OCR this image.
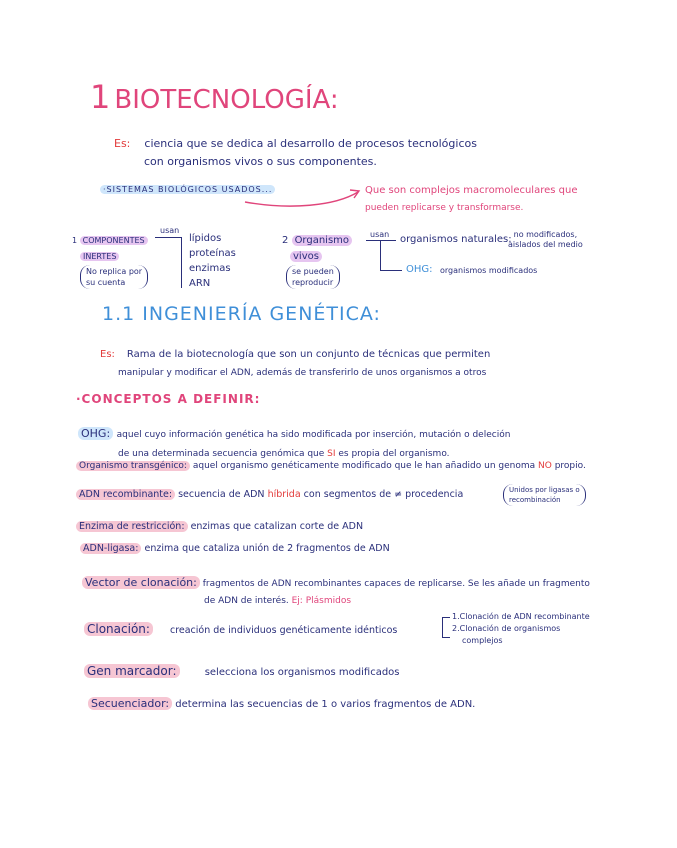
1 BIOTECNOLOGÍA:
Es: ciencia que se dedica al desarrollo de procesos tecnológicos
con organismos vivos o sus componentes.
·SISTEMAS BIOLÓGICOS USADOS...	Que son complejos macromoleculares que
pueden replicarse y transformarse.
1 COMPONENTES
INERTES
No replica por
su cuenta
usan
lípidos
proteínas
enzimas
ARN
2 Organismo
vivos
se pueden
reproducir
usan organismos naturales: no modificados,
aislados del medio
OHG: organismos modificados
1.1 INGENIERÍA GENÉTICA:
Es: Rama de la biotecnología que son un conjunto de técnicas que permiten
manipular y modificar el ADN, además de transferirlo de unos organismos a otros
·CONCEPTOS A DEFINIR:
OHG: aquel cuyo información genética ha sido modificada por inserción, mutación o deleción
de una determinada secuencia genómica que SI es propia del organismo.
Organismo transgénico: aquel organismo genéticamente modificado que le han añadido un genoma NO propio.
ADN recombinante: secuencia de ADN híbrida con segmentos de ≠ procedencia	Unidos por ligasas o
recombinación
Enzima de restricción: enzimas que catalizan corte de ADN
ADN-ligasa: enzima que cataliza unión de 2 fragmentos de ADN
Vector de clonación: fragmentos de ADN recombinantes capaces de replicarse. Se les añade un fragmento
de ADN de interés. Ej: Plásmidos
Clonación: creación de individuos genéticamente idénticos
1.Clonación de ADN recombinante
2.Clonación de organismos
complejos
Gen marcador:	selecciona los organismos modificados
Secuenciador: determina las secuencias de 1 o varios fragmentos de ADN.
